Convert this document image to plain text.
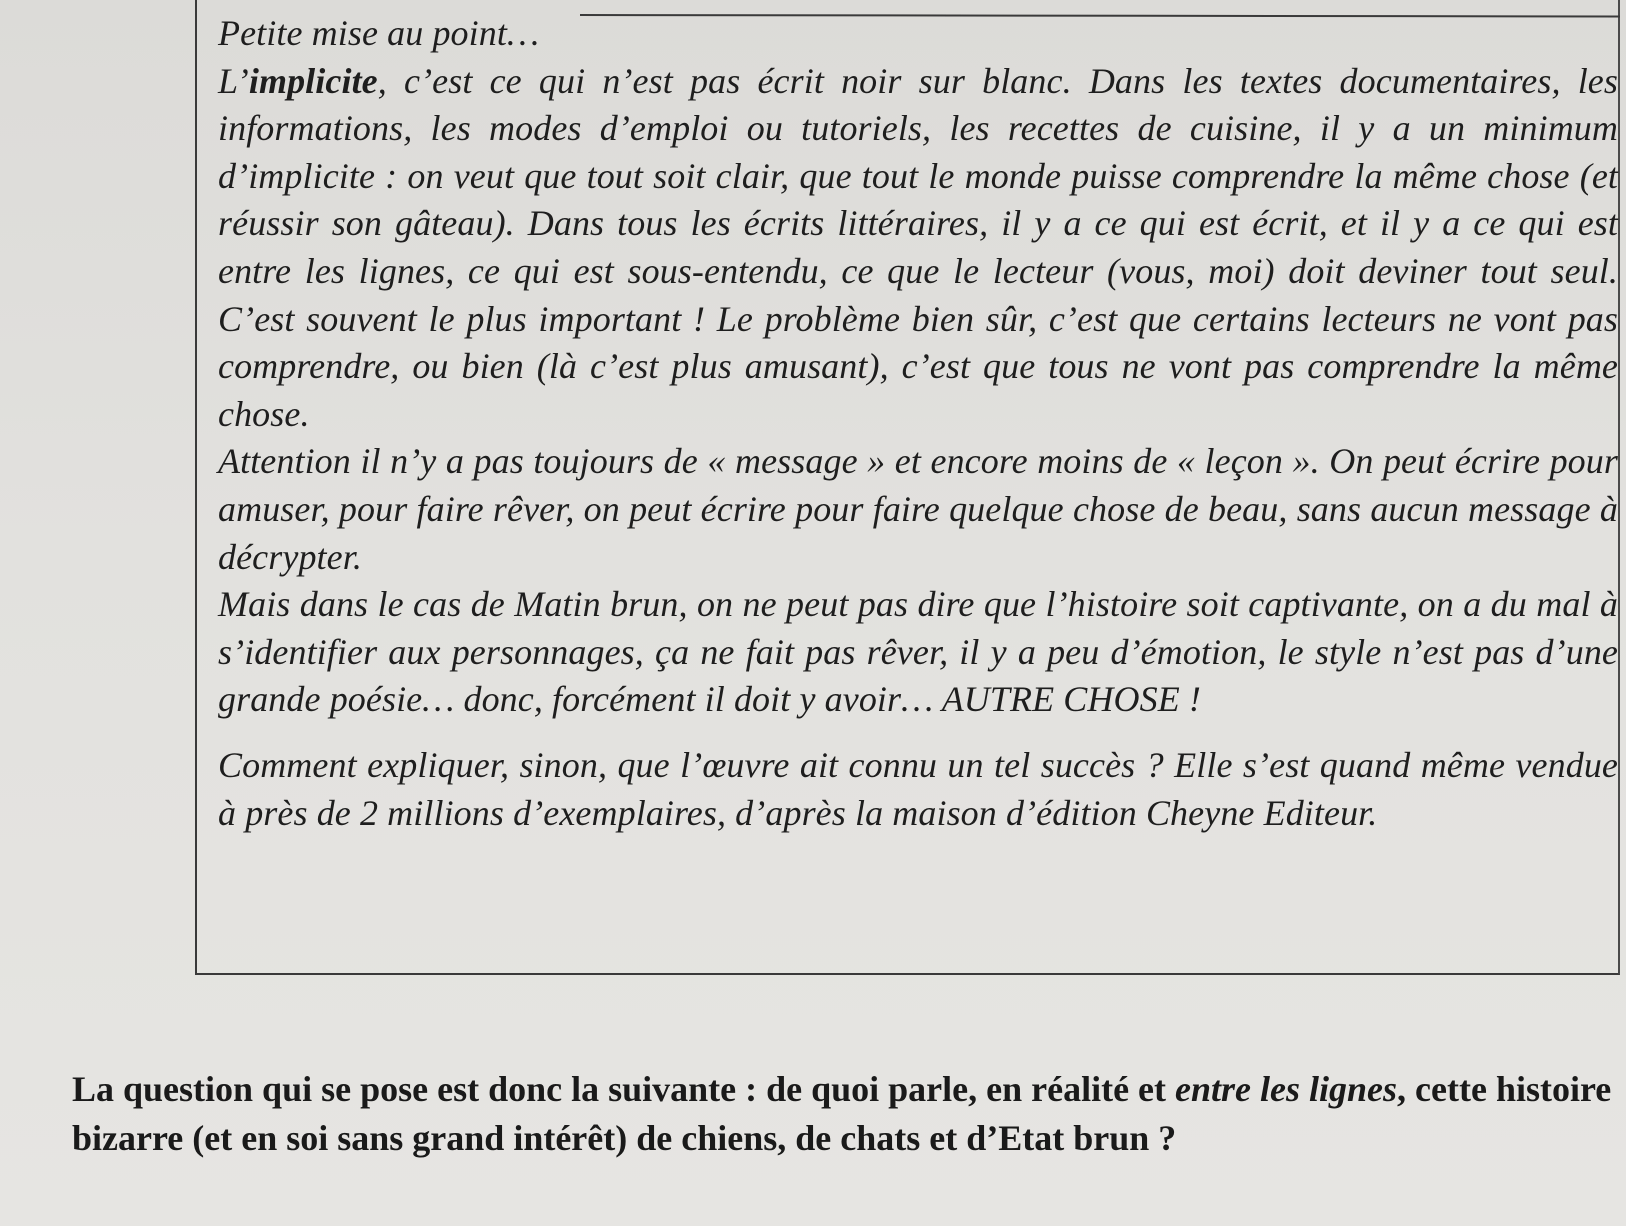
Petite mise au point…

L’implicite, c’est ce qui n’est pas écrit noir sur blanc. Dans les textes documentaires, les informations, les modes d’emploi ou tutoriels, les recettes de cuisine, il y a un minimum d’implicite : on veut que tout soit clair, que tout le monde puisse comprendre la même chose (et réussir son gâteau). Dans tous les écrits littéraires, il y a ce qui est écrit, et il y a ce qui est entre les lignes, ce qui est sous-entendu, ce que le lecteur (vous, moi) doit deviner tout seul. C’est souvent le plus important ! Le problème bien sûr, c’est que certains lecteurs ne vont pas comprendre, ou bien (là c’est plus amusant), c’est que tous ne vont pas comprendre la même chose.

Attention il n’y a pas toujours de « message » et encore moins de « leçon ». On peut écrire pour amuser, pour faire rêver, on peut écrire pour faire quelque chose de beau, sans aucun message à décrypter.

Mais dans le cas de Matin brun, on ne peut pas dire que l’histoire soit captivante, on a du mal à s’identifier aux personnages, ça ne fait pas rêver, il y a peu d’émotion, le style n’est pas d’une grande poésie… donc, forcément il doit y avoir… AUTRE CHOSE !

Comment expliquer, sinon, que l’œuvre ait connu un tel succès ? Elle s’est quand même vendue à près de 2 millions d’exemplaires, d’après la maison d’édition Cheyne Editeur.

La question qui se pose est donc la suivante : de quoi parle, en réalité et entre les lignes, cette histoire bizarre (et en soi sans grand intérêt) de chiens, de chats et d’Etat brun ?
